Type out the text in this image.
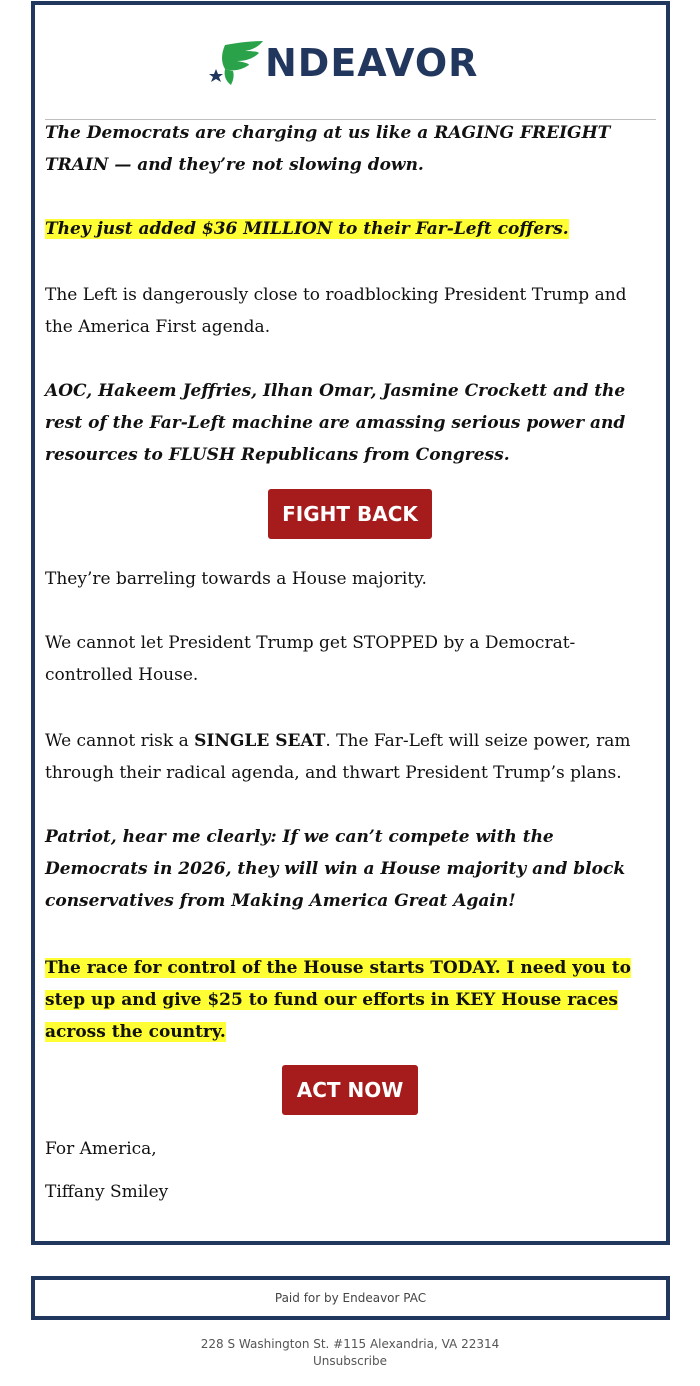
NDEAVOR

The Democrats are charging at us like a RAGING FREIGHT TRAIN — and they’re not slowing down.

They just added $36 MILLION to their Far-Left coffers.

The Left is dangerously close to roadblocking President Trump and the America First agenda.

AOC, Hakeem Jeffries, Ilhan Omar, Jasmine Crockett and the rest of the Far-Left machine are amassing serious power and resources to FLUSH Republicans from Congress.

FIGHT BACK

They’re barreling towards a House majority.

We cannot let President Trump get STOPPED by a Democrat-controlled House.

We cannot risk a SINGLE SEAT. The Far-Left will seize power, ram through their radical agenda, and thwart President Trump’s plans.

Patriot, hear me clearly: If we can’t compete with the Democrats in 2026, they will win a House majority and block conservatives from Making America Great Again!

The race for control of the House starts TODAY. I need you to step up and give $25 to fund our efforts in KEY House races across the country.

ACT NOW

For America,

Tiffany Smiley

Paid for by Endeavor PAC
228 S Washington St. #115 Alexandria, VA 22314
Unsubscribe
